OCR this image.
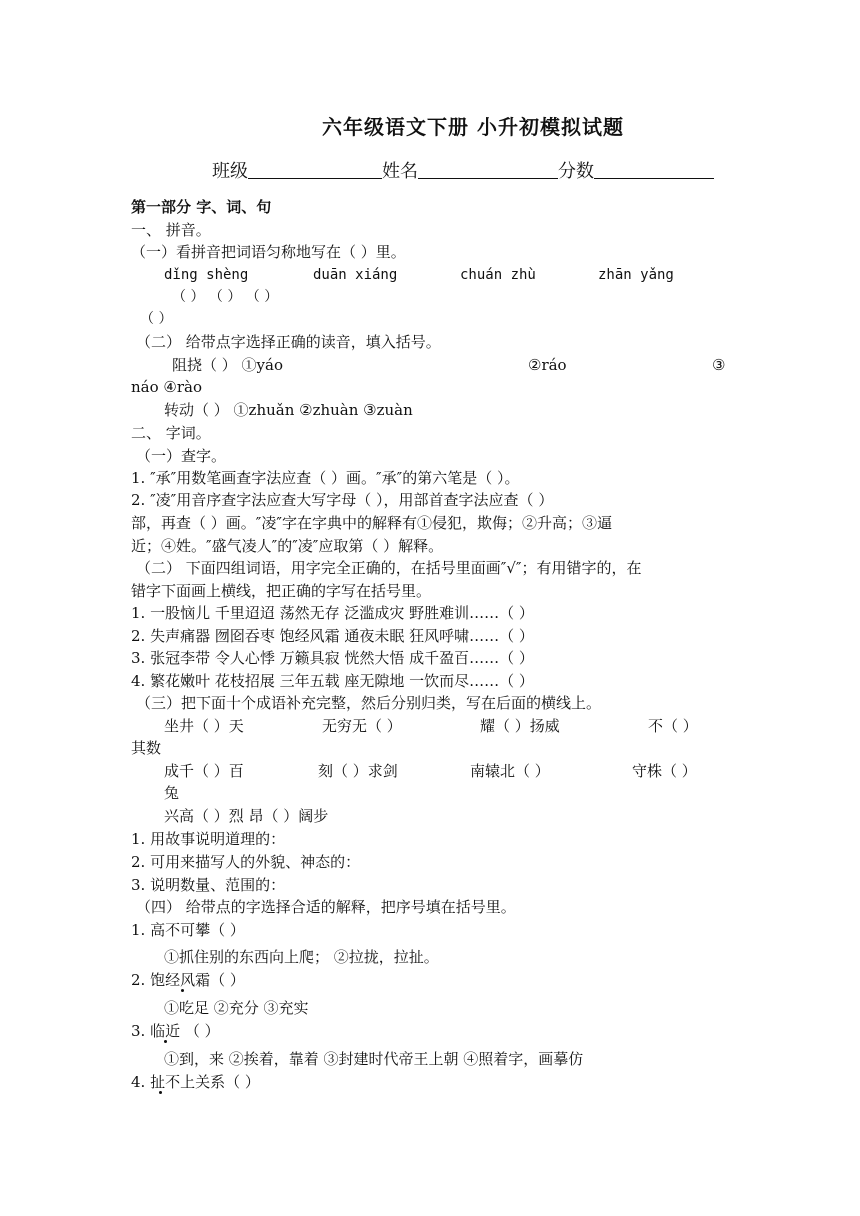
六年级语文下册 小升初模拟试题
班级	姓名	分数
第一部分 字、词、句
一、 拼音。
（一）看拼音把词语匀称地写在（ ）里。
dǐng shèng	duān xiáng	chuán zhù	zhān yǎng
（ ） （ ） （ ）
（ ）
（二） 给带点字选择正确的读音，填入括号。
阻挠（ ） ①yáo	②ráo	③
náo ④rào
转动（ ） ①zhuǎn ②zhuàn ③zuàn
二、 字词。
（一）查字。
1. ″承″用数笔画查字法应查（ ）画。″承″的第六笔是（ ）。
2. ″凌″用音序查字法应查大写字母（ ），用部首查字法应查（ ）
部，再查（ ）画。″凌″字在字典中的解释有①侵犯，欺侮；②升高；③逼
近；④姓。″盛气凌人″的″凌″应取第（ ）解释。
（二） 下面四组词语，用字完全正确的，在括号里面画″√″；有用错字的，在
错字下面画上横线，把正确的字写在括号里。
1. 一股恼儿 千里迢迢 荡然无存 泛滥成灾 野胜难训……（ ）
2. 失声痛器 囫囵吞枣 饱经风霜 通夜未眠 狂风呼啸……（ ）
3. 张冠李带 令人心悸 万籁具寂 恍然大悟 成千盈百……（ ）
4. 繁花嫩叶 花枝招展 三年五载 座无隙地 一饮而尽……（ ）
（三）把下面十个成语补充完整，然后分别归类，写在后面的横线上。
坐井（ ）天	无穷无（ ）	耀（ ）扬威	不（ ）
其数
成千（ ）百	刻（ ）求剑	南辕北（ ）	守株（ ）
兔
兴高（ ）烈 昂（ ）阔步
1. 用故事说明道理的：
2. 可用来描写人的外貌、神态的：
3. 说明数量、范围的：
（四） 给带点的字选择合适的解释，把序号填在括号里。
1. 高不可攀（ ）
①抓住别的东西向上爬； ②拉拢，拉扯。
2. 饱经风霜（ ）
①吃足 ②充分 ③充实
3. 临近 （ ）
①到，来 ②挨着，靠着 ③封建时代帝王上朝 ④照着字，画摹仿
4. 扯不上关系（ ）
